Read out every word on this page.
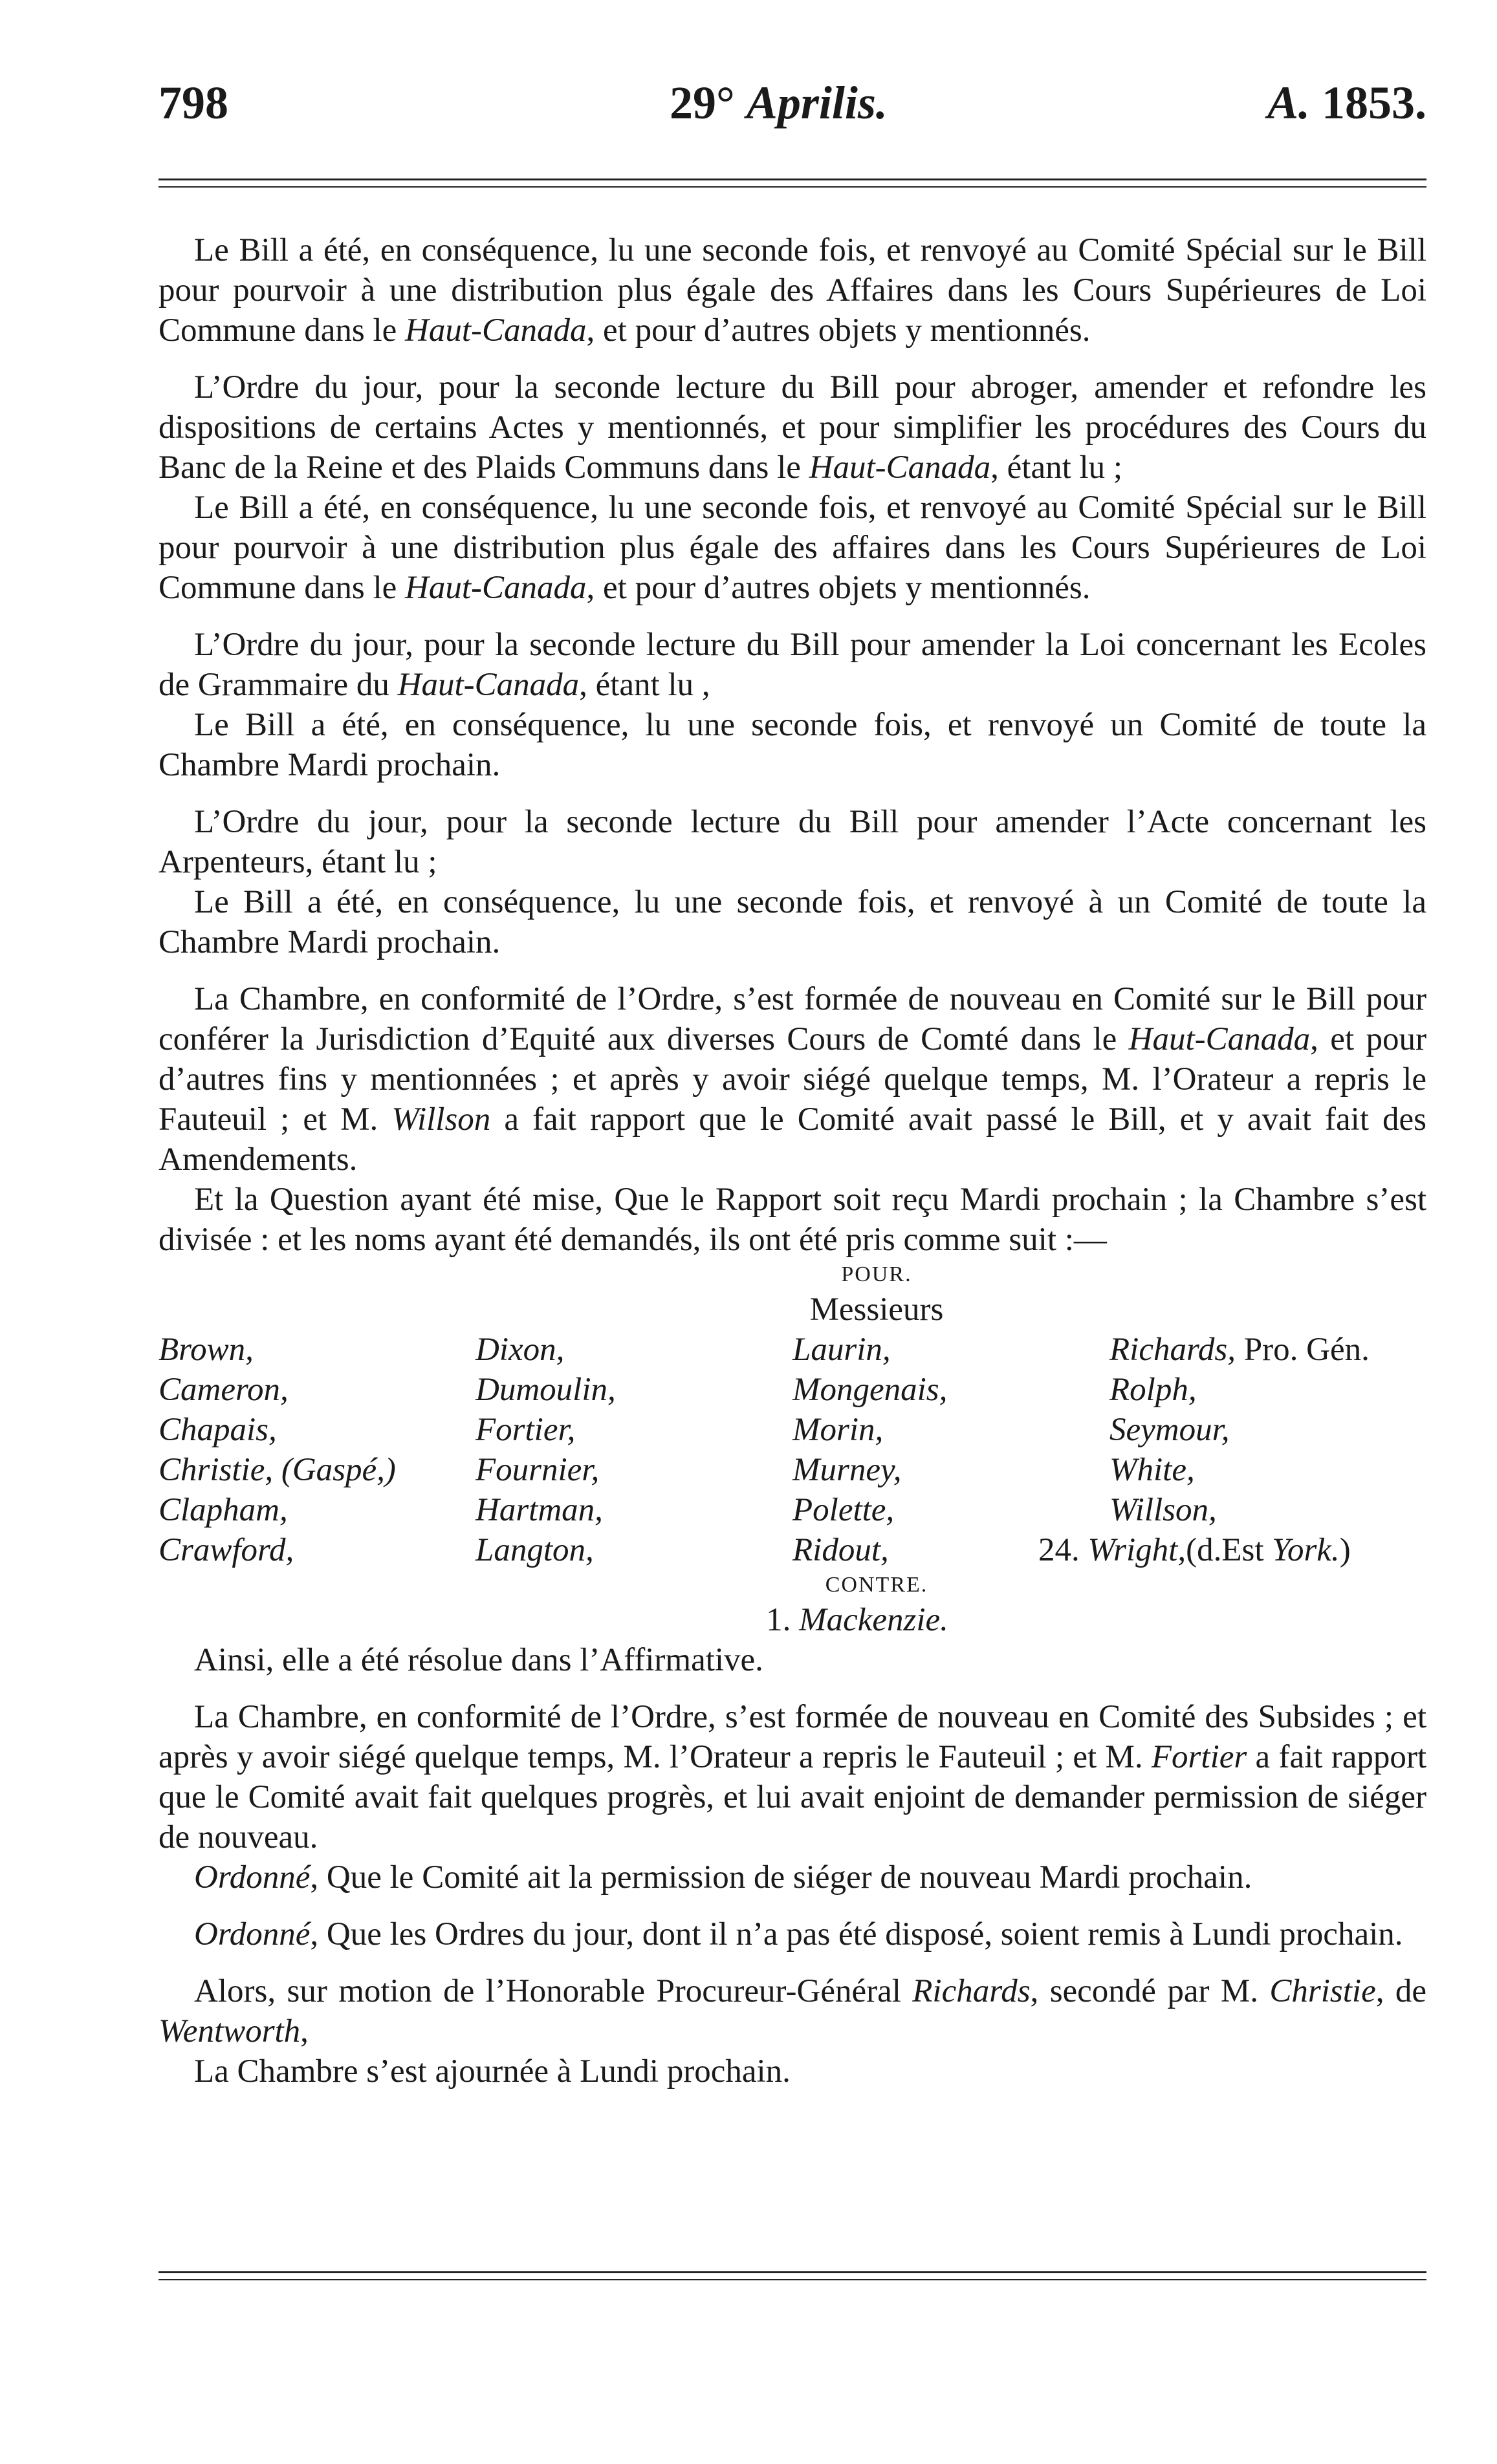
798	29° Aprilis.	A. 1853.

Le Bill a été, en conséquence, lu une seconde fois, et renvoyé au Comité Spécial sur le Bill pour pourvoir à une distribution plus égale des Affaires dans les Cours Supérieures de Loi Commune dans le Haut-Canada, et pour d’autres objets y mentionnés.

L’Ordre du jour, pour la seconde lecture du Bill pour abroger, amender et refondre les dispositions de certains Actes y mentionnés, et pour simplifier les procédures des Cours du Banc de la Reine et des Plaids Communs dans le Haut-Canada, étant lu ;

Le Bill a été, en conséquence, lu une seconde fois, et renvoyé au Comité Spécial sur le Bill pour pourvoir à une distribution plus égale des affaires dans les Cours Supérieures de Loi Commune dans le Haut-Canada, et pour d’autres objets y mentionnés.

L’Ordre du jour, pour la seconde lecture du Bill pour amender la Loi concernant les Ecoles de Grammaire du Haut-Canada, étant lu ,

Le Bill a été, en conséquence, lu une seconde fois, et renvoyé un Comité de toute la Chambre Mardi prochain.

L’Ordre du jour, pour la seconde lecture du Bill pour amender l’Acte concernant les Arpenteurs, étant lu ;

Le Bill a été, en conséquence, lu une seconde fois, et renvoyé à un Comité de toute la Chambre Mardi prochain.

La Chambre, en conformité de l’Ordre, s’est formée de nouveau en Comité sur le Bill pour conférer la Jurisdiction d’Equité aux diverses Cours de Comté dans le Haut-Canada, et pour d’autres fins y mentionnées ; et après y avoir siégé quelque temps, M. l’Orateur a repris le Fauteuil ; et M. Willson a fait rapport que le Comité avait passé le Bill, et y avait fait des Amendements.

Et la Question ayant été mise, Que le Rapport soit reçu Mardi prochain ; la Chambre s’est divisée : et les noms ayant été demandés, ils ont été pris comme suit :—

POUR.
Messieurs
Brown,	Dixon,	Laurin,	Richards, Pro. Gén.
Cameron,	Dumoulin,	Mongenais,	Rolph,
Chapais,	Fortier,	Morin,	Seymour,
Christie, (Gaspé,)	Fournier,	Murney,	White,
Clapham,	Hartman,	Polette,	Willson,
Crawford,	Langton,	Ridout,	24. Wright,(d.Est York.)
CONTRE.
1. Mackenzie.

Ainsi, elle a été résolue dans l’Affirmative.

La Chambre, en conformité de l’Ordre, s’est formée de nouveau en Comité des Subsides ; et après y avoir siégé quelque temps, M. l’Orateur a repris le Fauteuil ; et M. Fortier a fait rapport que le Comité avait fait quelques progrès, et lui avait enjoint de demander permission de siéger de nouveau.

Ordonné, Que le Comité ait la permission de siéger de nouveau Mardi prochain.

Ordonné, Que les Ordres du jour, dont il n’a pas été disposé, soient remis à Lundi prochain.

Alors, sur motion de l’Honorable Procureur-Général Richards, secondé par M. Christie, de Wentworth,

La Chambre s’est ajournée à Lundi prochain.
